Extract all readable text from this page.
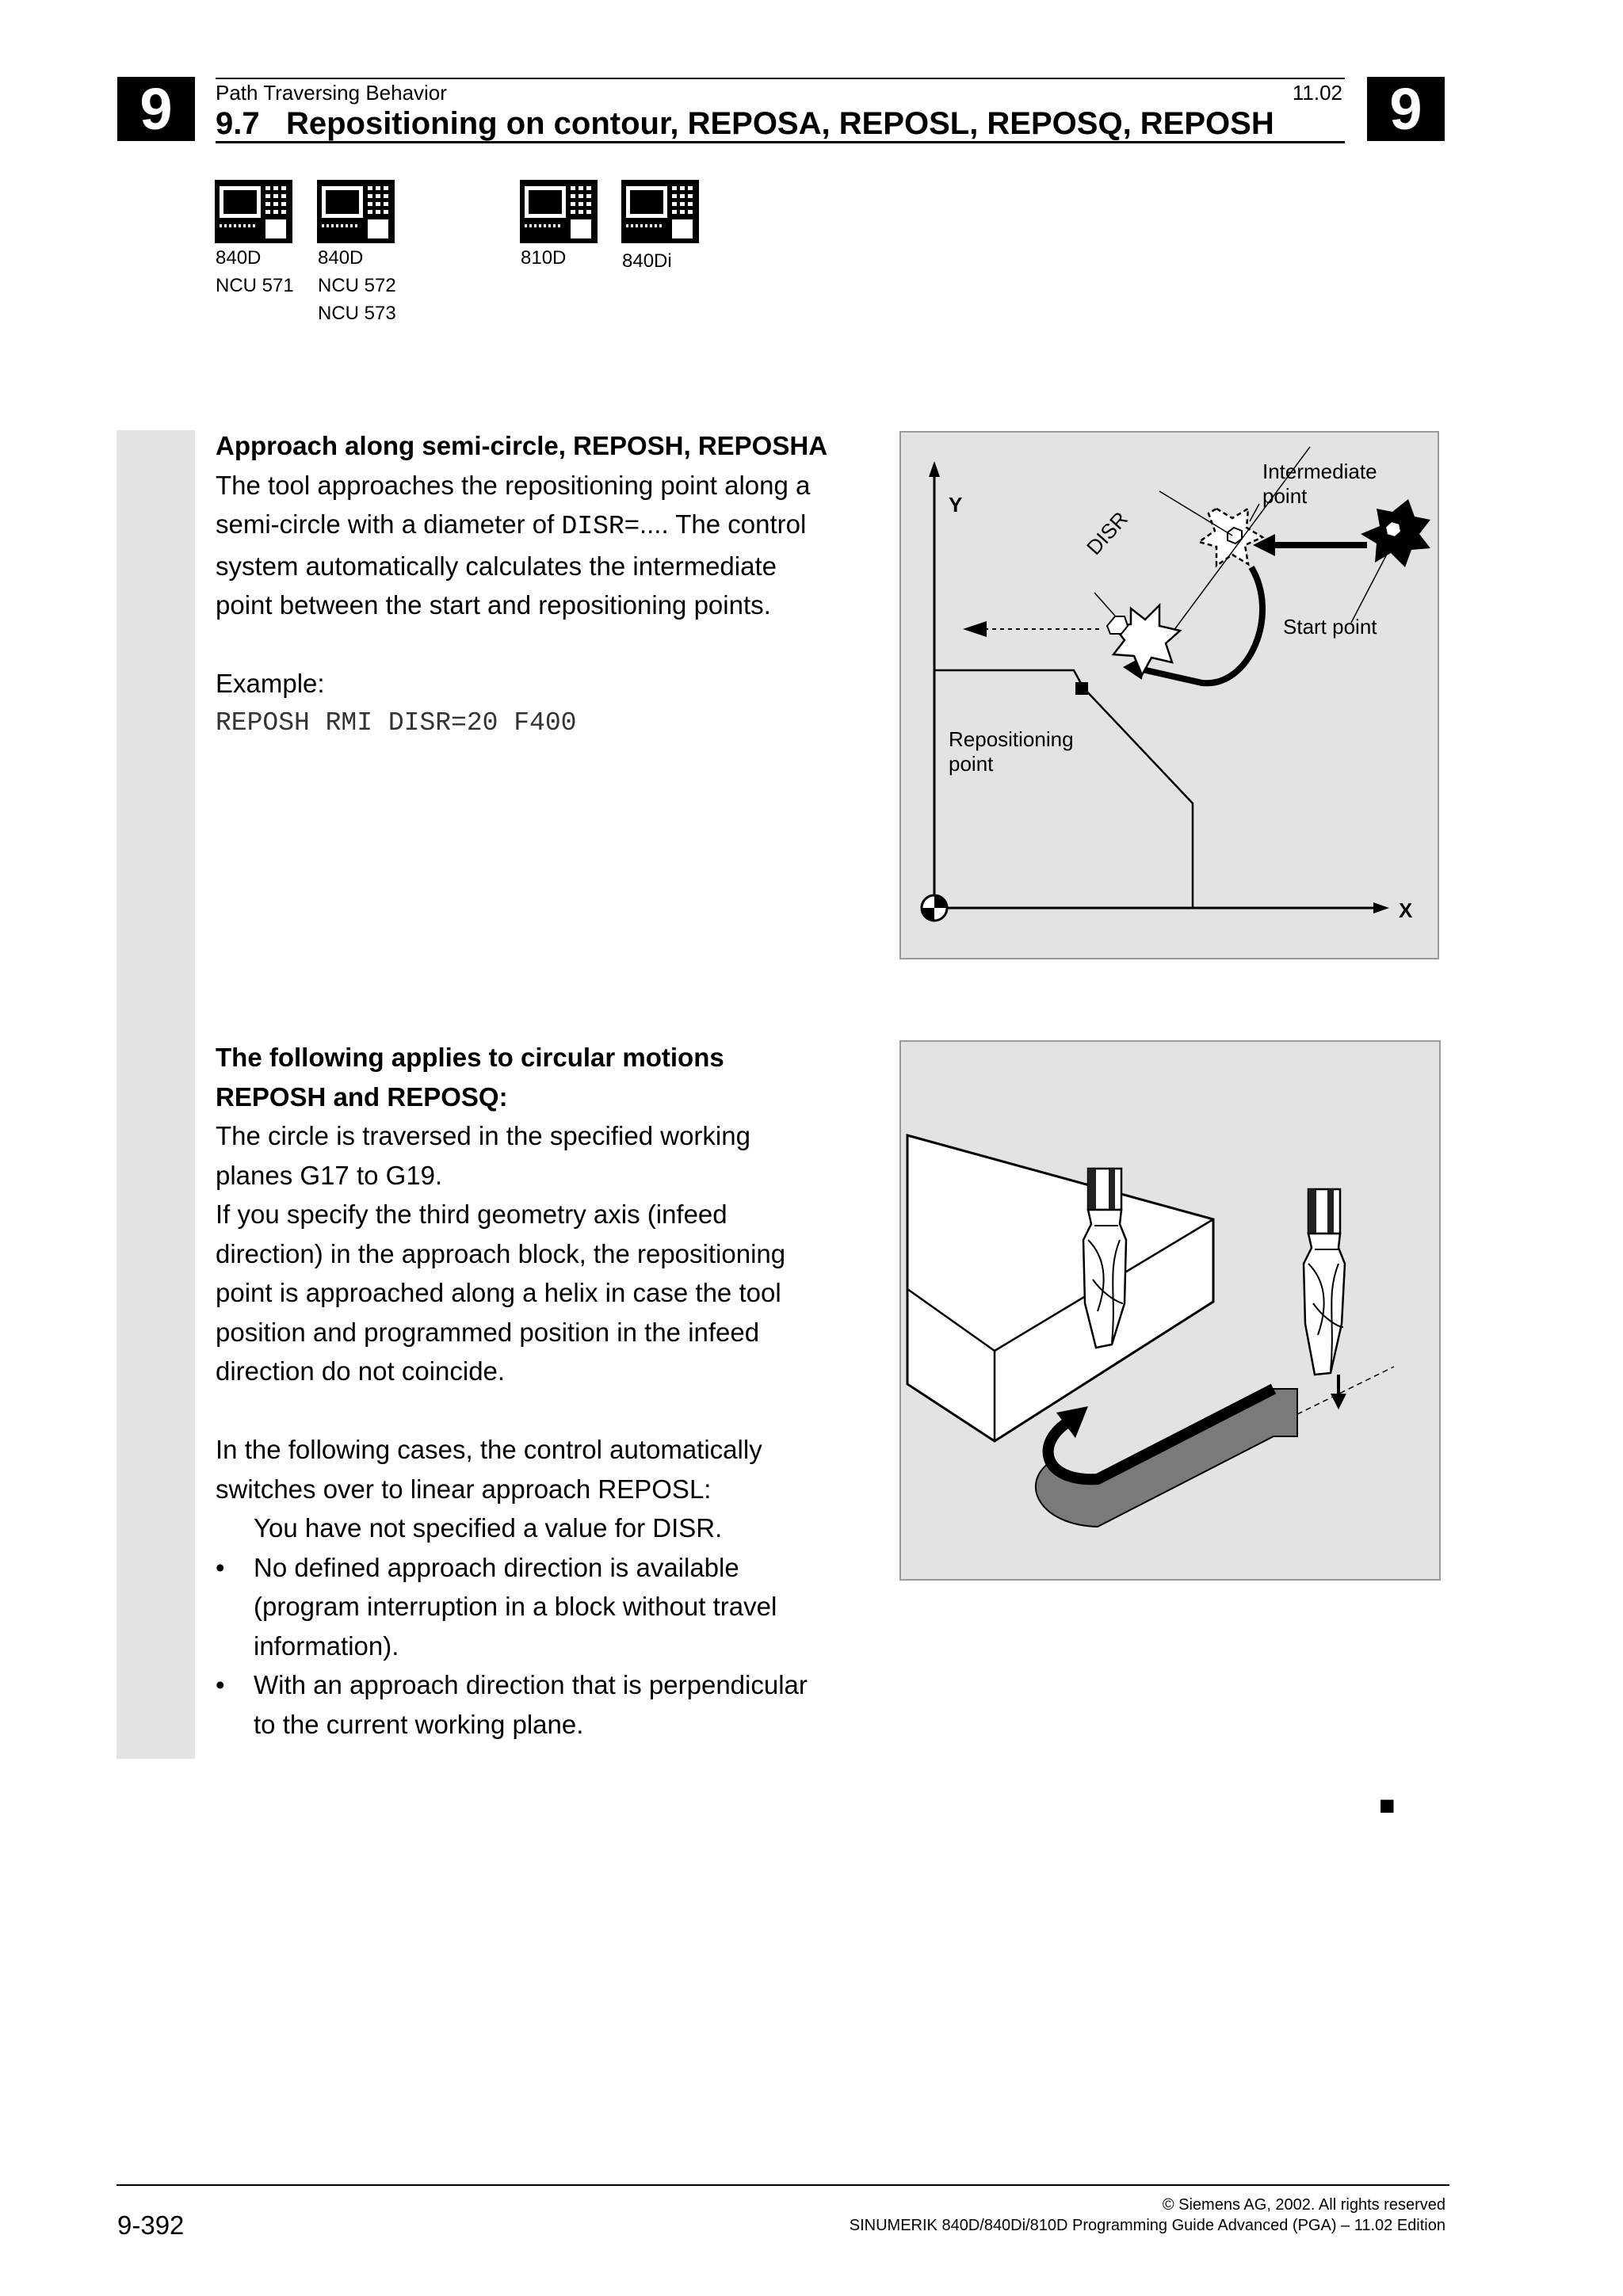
9	9
Path Traversing Behavior	11.02
9.7   Repositioning on contour, REPOSA, REPOSL, REPOSQ, REPOSH
840D
NCU 571
840D
NCU 572
NCU 573
810D	840Di

Approach along semi-circle, REPOSH, REPOSHA

The tool approaches the repositioning point along a

semi-circle with a diameter of DISR=.... The control

system automatically calculates the intermediate

point between the start and repositioning points.

Example:

REPOSH RMI DISR=20 F400

Y
X
DISR
Intermediate
point
Start point
Repositioning
point

The following applies to circular motions

REPOSH and REPOSQ:

The circle is traversed in the specified working

planes G17 to G19.

If you specify the third geometry axis (infeed

direction) in the approach block, the repositioning

point is approached along a helix in case the tool

position and programmed position in the infeed

direction do not coincide.

In the following cases, the control automatically

switches over to linear approach REPOSL:

You have not specified a value for DISR.

• No defined approach direction is available

(program interruption in a block without travel

information).

• With an approach direction that is perpendicular

to the current working plane.

■
9-392
© Siemens AG, 2002. All rights reserved
SINUMERIK 840D/840Di/810D Programming Guide Advanced (PGA) – 11.02 Edition
